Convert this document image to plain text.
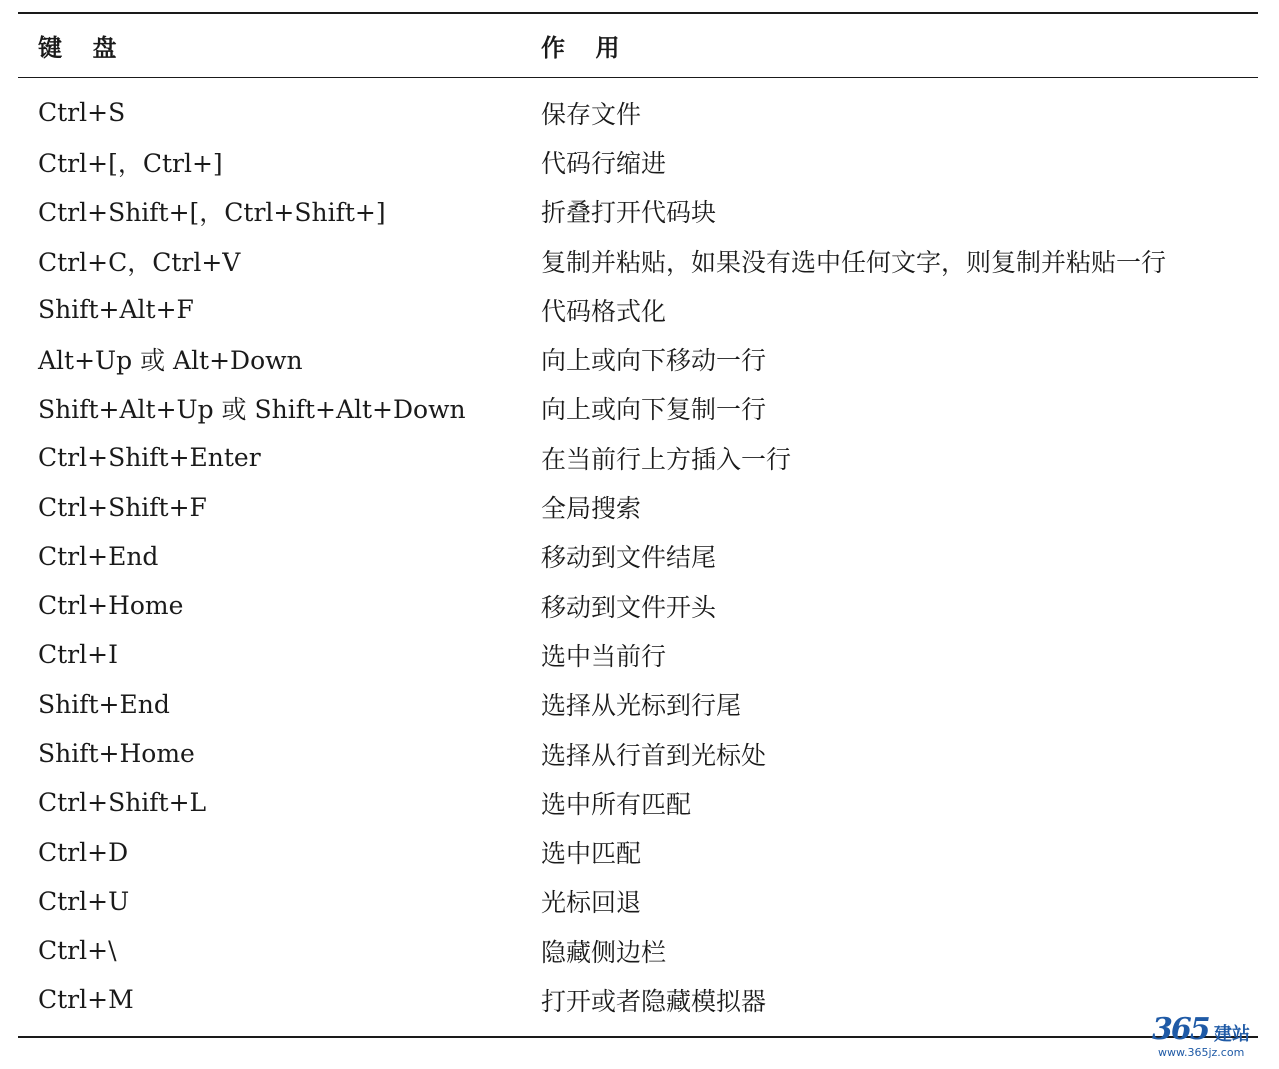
键 盘	作 用
Ctrl+S	保存文件
Ctrl+[，Ctrl+]	代码行缩进
Ctrl+Shift+[，Ctrl+Shift+]	折叠打开代码块
Ctrl+C，Ctrl+V	复制并粘贴，如果没有选中任何文字，则复制并粘贴一行
Shift+Alt+F	代码格式化
Alt+Up 或 Alt+Down	向上或向下移动一行
Shift+Alt+Up 或 Shift+Alt+Down	向上或向下复制一行
Ctrl+Shift+Enter	在当前行上方插入一行
Ctrl+Shift+F	全局搜索
Ctrl+End	移动到文件结尾
Ctrl+Home	移动到文件开头
Ctrl+I	选中当前行
Shift+End	选择从光标到行尾
Shift+Home	选择从行首到光标处
Ctrl+Shift+L	选中所有匹配
Ctrl+D	选中匹配
Ctrl+U	光标回退
Ctrl+\	隐藏侧边栏
Ctrl+M	打开或者隐藏模拟器
365 建站
www.365jz.com
